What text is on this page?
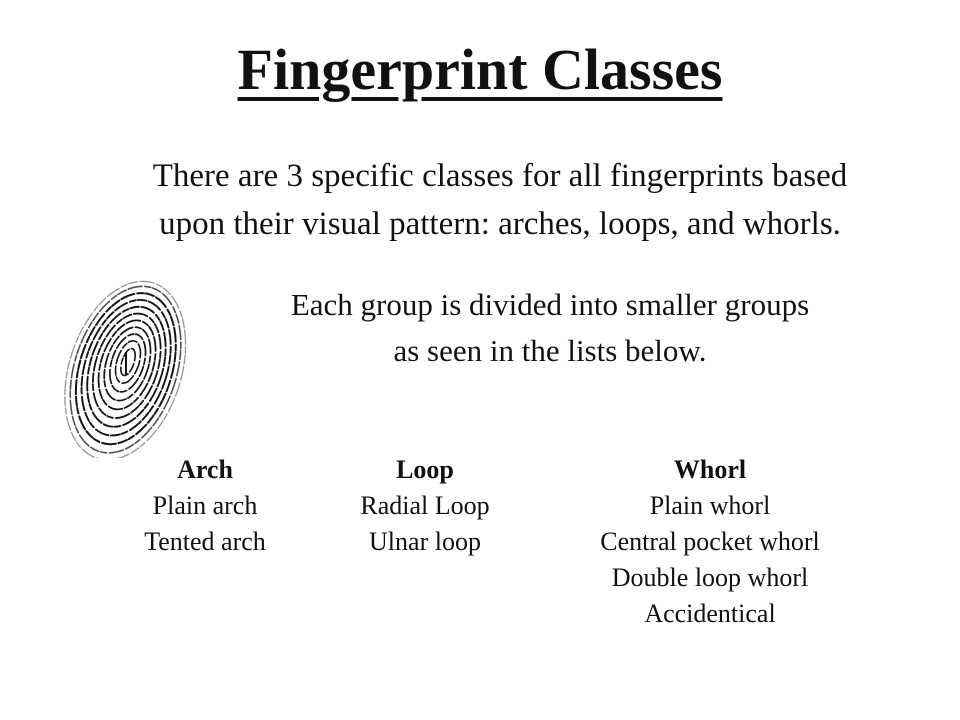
Fingerprint Classes

There are 3 specific classes for all fingerprints based
upon their visual pattern: arches, loops, and whorls.

Each group is divided into smaller groups
as seen in the lists below.

Arch
Plain arch
Tented arch
Loop
Radial Loop
Ulnar loop
Whorl
Plain whorl
Central pocket whorl
Double loop whorl
Accidentical
